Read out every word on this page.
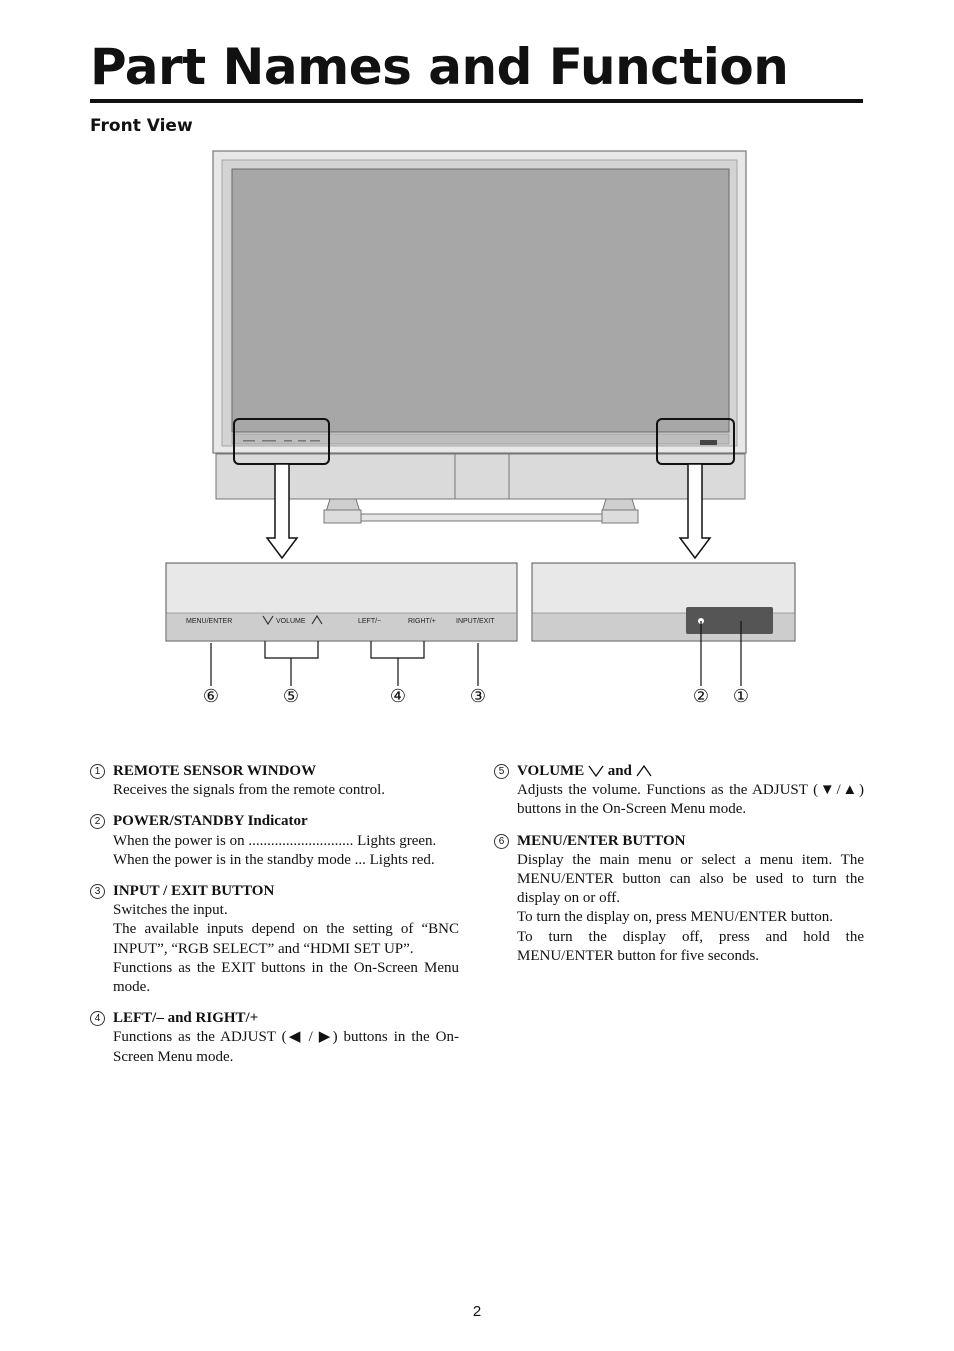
Part Names and Function
Front View
MENU/ENTER	VOLUME	LEFT/−	RIGHT/+	INPUT/EXIT
⑥	⑤	④	③	② ①
1 REMOTE SENSOR WINDOW
Receives the signals from the remote control.
2 POWER/STANDBY Indicator
When the power is on ............................ Lights green.
When the power is in the standby mode ... Lights red.
3 INPUT / EXIT BUTTON
Switches the input.
The available inputs depend on the setting of “BNC INPUT”, “RGB SELECT” and “HDMI SET UP”.
Functions as the EXIT buttons in the On-Screen Menu mode.
4 LEFT/– and RIGHT/+
Functions as the ADJUST (◀ / ▶) buttons in the On-Screen Menu mode.
5 VOLUME and
Adjusts the volume. Functions as the ADJUST (▼/▲) buttons in the On-Screen Menu mode.
6 MENU/ENTER BUTTON
Display the main menu or select a menu item. The MENU/ENTER button can also be used to turn the display on or off.
To turn the display on, press MENU/ENTER button.
To turn the display off, press and hold the MENU/ENTER button for five seconds.
2
